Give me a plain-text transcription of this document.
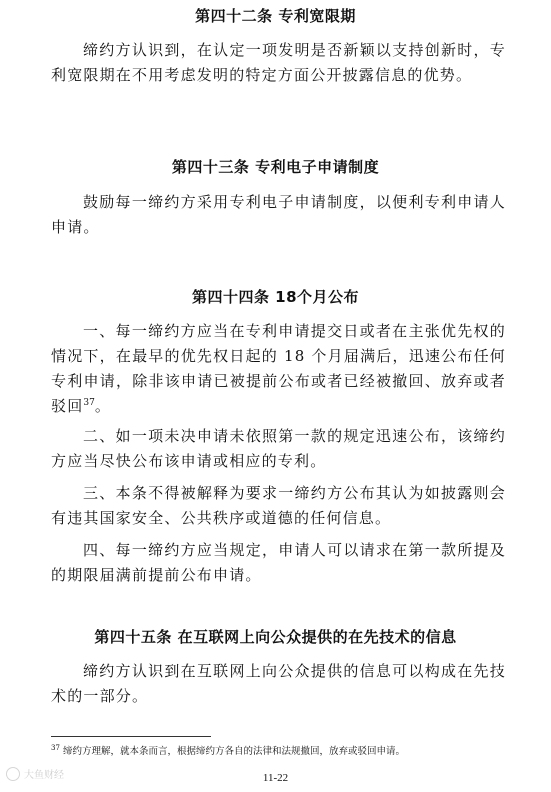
第四十二条 专利宽限期

缔约方认识到，在认定一项发明是否新颖以支持创新时，专利宽限期在不用考虑发明的特定方面公开披露信息的优势。

第四十三条 专利电子申请制度

鼓励每一缔约方采用专利电子申请制度，以便利专利申请人申请。

第四十四条 18个月公布

一、每一缔约方应当在专利申请提交日或者在主张优先权的情况下，在最早的优先权日起的 18 个月届满后，迅速公布任何专利申请，除非该申请已被提前公布或者已经被撤回、放弃或者驳回$^{37}$。

二、如一项未决申请未依照第一款的规定迅速公布，该缔约方应当尽快公布该申请或相应的专利。

三、本条不得被解释为要求一缔约方公布其认为如披露则会有违其国家安全、公共秩序或道德的任何信息。

四、每一缔约方应当规定，申请人可以请求在第一款所提及的期限届满前提前公布申请。

第四十五条 在互联网上向公众提供的在先技术的信息

缔约方认识到在互联网上向公众提供的信息可以构成在先技术的一部分。

$^{37}$ 缔约方理解，就本条而言，根据缔约方各自的法律和法规撤回，放弃或驳回申请。

大鱼财经	11-22
